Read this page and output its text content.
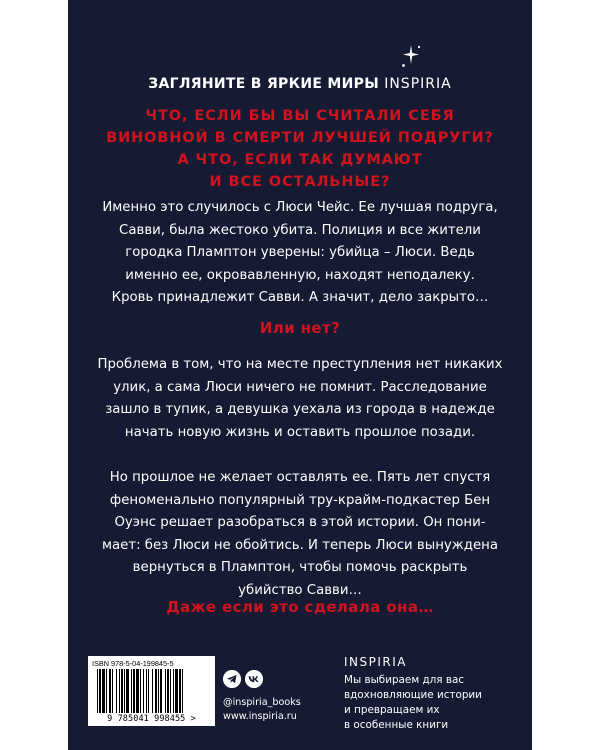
ЗАГЛЯНИТЕ В ЯРКИЕ МИРЫ INSPIRIA
ЧТО, ЕСЛИ БЫ ВЫ СЧИТАЛИ СЕБЯ
ВИНОВНОЙ В СМЕРТИ ЛУЧШЕЙ ПОДРУГИ?
А ЧТО, ЕСЛИ ТАК ДУМАЮТ
И ВСЕ ОСТАЛЬНЫЕ?
Именно это случилось с Люси Чейс. Ее лучшая подруга,
Савви, была жестоко убита. Полиция и все жители
городка Пламптон уверены: убийца – Люси. Ведь
именно ее, окровавленную, находят неподалеку.
Кровь принадлежит Савви. А значит, дело закрыто…
Или нет?
Проблема в том, что на месте преступления нет никаких
улик, а сама Люси ничего не помнит. Расследование
зашло в тупик, а девушка уехала из города в надежде
начать новую жизнь и оставить прошлое позади.
Но прошлое не желает оставлять ее. Пять лет спустя
феноменально популярный тру-крайм-подкастер Бен
Оуэнс решает разобраться в этой истории. Он пони-
мает: без Люси не обойтись. И теперь Люси вынуждена
вернуться в Пламптон, чтобы помочь раскрыть
убийство Савви…
Даже если это сделала она…
ISBN 978-5-04-199845-5
9 785041 998455 >
@inspiria_books
www.inspiria.ru
INSPIRIA
Мы выбираем для вас
вдохновляющие истории
и превращаем их
в особенные книги
